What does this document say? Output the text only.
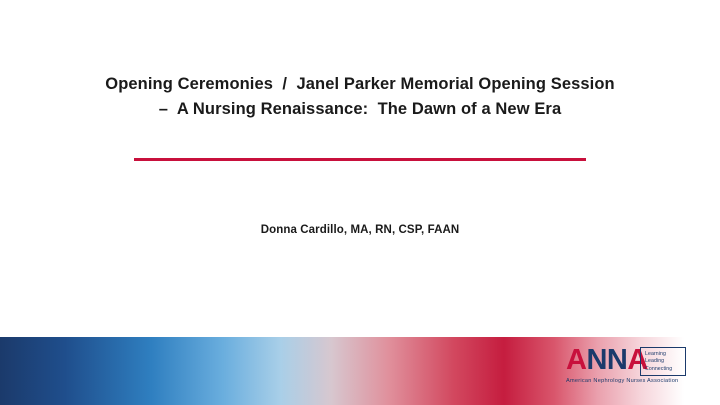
Opening Ceremonies  /  Janel Parker Memorial Opening Session
–  A Nursing Renaissance:  The Dawn of a New Era
Donna Cardillo, MA, RN, CSP, FAAN
ANNA
Learning
Leading
Connecting
American Nephrology Nurses Association
